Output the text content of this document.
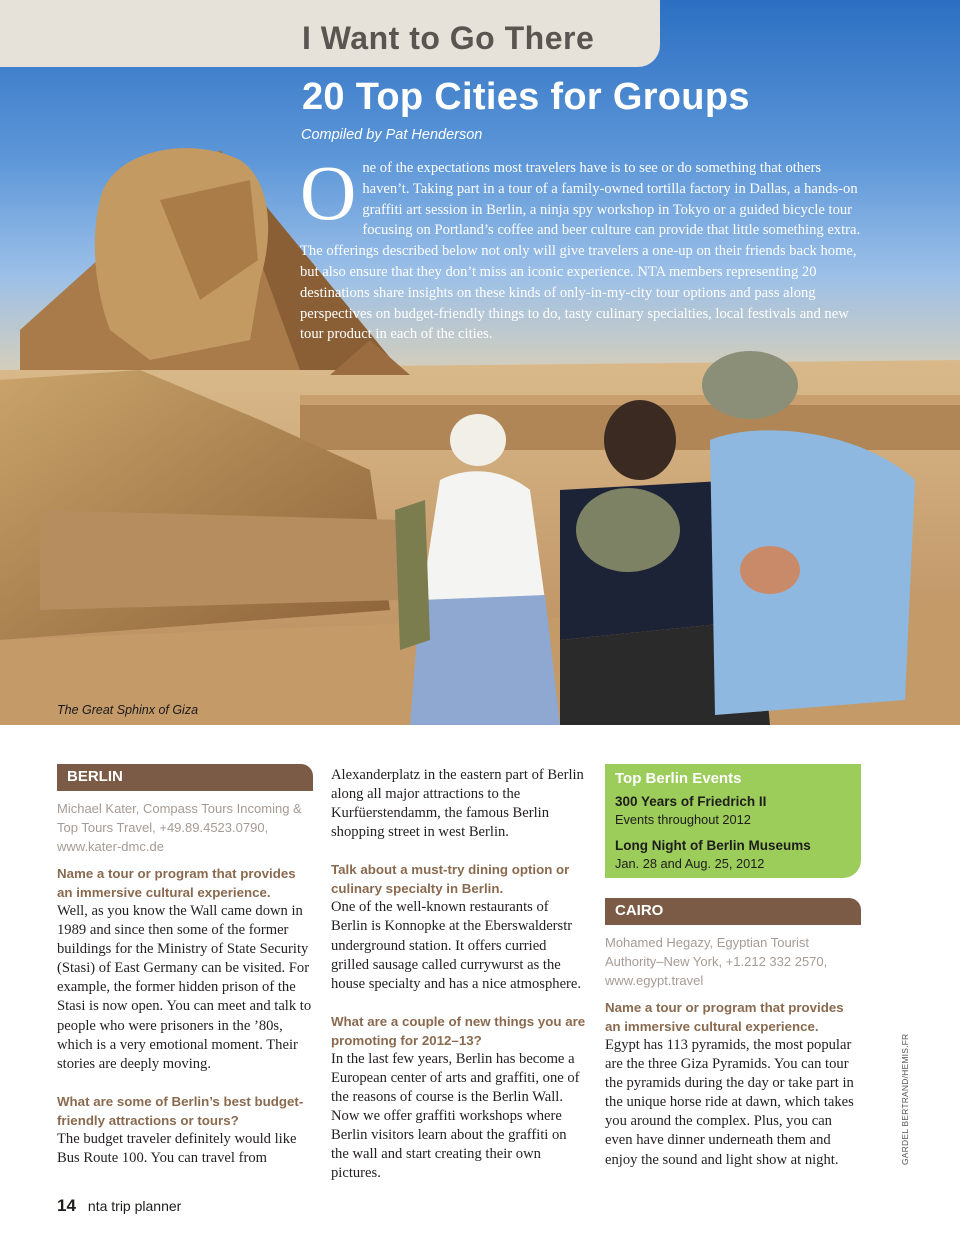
I Want to Go There
20 Top Cities for Groups
Compiled by Pat Henderson
One of the expectations most travelers have is to see or do something that others haven’t. Taking part in a tour of a family-owned tortilla factory in Dallas, a hands-on graffiti art session in Berlin, a ninja spy workshop in Tokyo or a guided bicycle tour focusing on Portland’s coffee and beer culture can provide that little something extra. The offerings described below not only will give travelers a one-up on their friends back home, but also ensure that they don’t miss an iconic experience. NTA members representing 20 destinations share insights on these kinds of only-in-my-city tour options and pass along perspectives on budget-friendly things to do, tasty culinary specialties, local festivals and new tour product in each of the cities.
The Great Sphinx of Giza
BERLIN
Michael Kater, Compass Tours Incoming & Top Tours Travel, +49.89.4523.0790, www.kater-dmc.de
Name a tour or program that provides an immersive cultural experience.
Well, as you know the Wall came down in 1989 and since then some of the former buildings for the Ministry of State Security (Stasi) of East Germany can be visited. For example, the former hidden prison of the Stasi is now open. You can meet and talk to people who were prisoners in the ’80s, which is a very emotional moment. Their stories are deeply moving.
What are some of Berlin’s best budget-friendly attractions or tours?
The budget traveler definitely would like Bus Route 100. You can travel from
Alexanderplatz in the eastern part of Berlin along all major attractions to the Kurfüerstendamm, the famous Berlin shopping street in west Berlin.
Talk about a must-try dining option or culinary specialty in Berlin.
One of the well-known restaurants of Berlin is Konnopke at the Eberswalderstr underground station. It offers curried grilled sausage called currywurst as the house specialty and has a nice atmosphere.
What are a couple of new things you are promoting for 2012–13?
In the last few years, Berlin has become a European center of arts and graffiti, one of the reasons of course is the Berlin Wall. Now we offer graffiti workshops where Berlin visitors learn about the graffiti on the wall and start creating their own pictures.
Top Berlin Events
300 Years of Friedrich II
Events throughout 2012
Long Night of Berlin Museums
Jan. 28 and Aug. 25, 2012
CAIRO
Mohamed Hegazy, Egyptian Tourist Authority–New York, +1.212 332 2570, www.egypt.travel
Name a tour or program that provides an immersive cultural experience.
Egypt has 113 pyramids, the most popular are the three Giza Pyramids. You can tour the pyramids during the day or take part in the unique horse ride at dawn, which takes you around the complex. Plus, you can even have dinner underneath them and enjoy the sound and light show at night.	GARDEL BERTRAND/HEMIS.FR
14 nta trip planner
